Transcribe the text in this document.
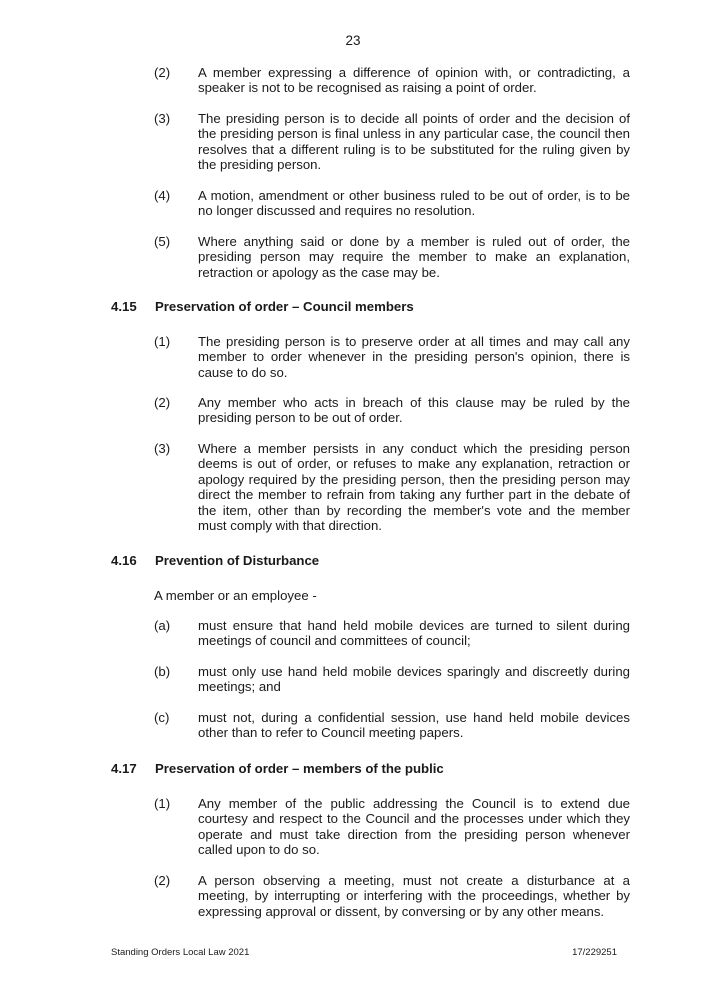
23
(2) A member expressing a difference of opinion with, or contradicting, a speaker is not to be recognised as raising a point of order.
(3) The presiding person is to decide all points of order and the decision of the presiding person is final unless in any particular case, the council then resolves that a different ruling is to be substituted for the ruling given by the presiding person.
(4) A motion, amendment or other business ruled to be out of order, is to be no longer discussed and requires no resolution.
(5) Where anything said or done by a member is ruled out of order, the presiding person may require the member to make an explanation, retraction or apology as the case may be.
4.15 Preservation of order – Council members
(1) The presiding person is to preserve order at all times and may call any member to order whenever in the presiding person's opinion, there is cause to do so.
(2) Any member who acts in breach of this clause may be ruled by the presiding person to be out of order.
(3) Where a member persists in any conduct which the presiding person deems is out of order, or refuses to make any explanation, retraction or apology required by the presiding person, then the presiding person may direct the member to refrain from taking any further part in the debate of the item, other than by recording the member's vote and the member must comply with that direction.
4.16 Prevention of Disturbance
A member or an employee -
(a) must ensure that hand held mobile devices are turned to silent during meetings of council and committees of council;
(b) must only use hand held mobile devices sparingly and discreetly during meetings; and
(c) must not, during a confidential session, use hand held mobile devices other than to refer to Council meeting papers.
4.17 Preservation of order – members of the public
(1) Any member of the public addressing the Council is to extend due courtesy and respect to the Council and the processes under which they operate and must take direction from the presiding person whenever called upon to do so.
(2) A person observing a meeting, must not create a disturbance at a meeting, by interrupting or interfering with the proceedings, whether by expressing approval or dissent, by conversing or by any other means.
Standing Orders Local Law 2021	17/229251
